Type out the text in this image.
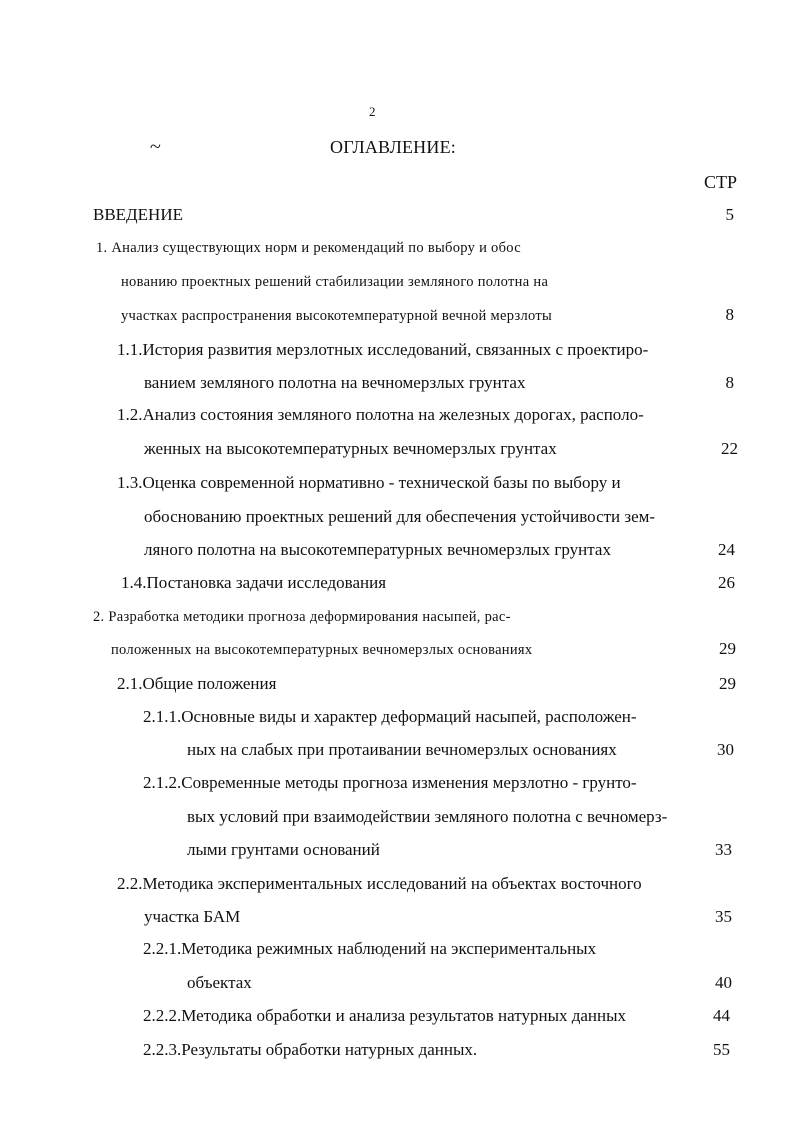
2
~	ОГЛАВЛЕНИЕ:
СТР
ВВЕДЕНИЕ	5
1. Анализ существующих норм и рекомендаций по выбору и обос
нованию проектных решений стабилизации земляного полотна на
участках распространения высокотемпературной вечной мерзлоты	8
1.1.История развития мерзлотных исследований, связанных с проектиро-
ванием земляного полотна на вечномерзлых грунтах	8
1.2.Анализ состояния земляного полотна на железных дорогах, располо-
женных на высокотемпературных вечномерзлых грунтах	22
1.3.Оценка современной нормативно - технической базы по выбору и
обоснованию проектных решений для обеспечения устойчивости зем-
ляного полотна на высокотемпературных вечномерзлых грунтах	24
1.4.Постановка задачи исследования	26
2. Разработка методики прогноза деформирования насыпей, рас-
положенных на высокотемпературных вечномерзлых основаниях	29
2.1.Общие положения	29
2.1.1.Основные виды и характер деформаций насыпей, расположен-
ных на слабых при протаивании вечномерзлых основаниях	30
2.1.2.Современные методы прогноза изменения мерзлотно - грунто-
вых условий при взаимодействии земляного полотна с вечномерз-
лыми грунтами оснований	33
2.2.Методика экспериментальных исследований на объектах восточного
участка БАМ	35
2.2.1.Методика режимных наблюдений на экспериментальных
объектах	40
2.2.2.Методика обработки и анализа результатов натурных данных	44
2.2.3.Результаты обработки натурных данных.	55
